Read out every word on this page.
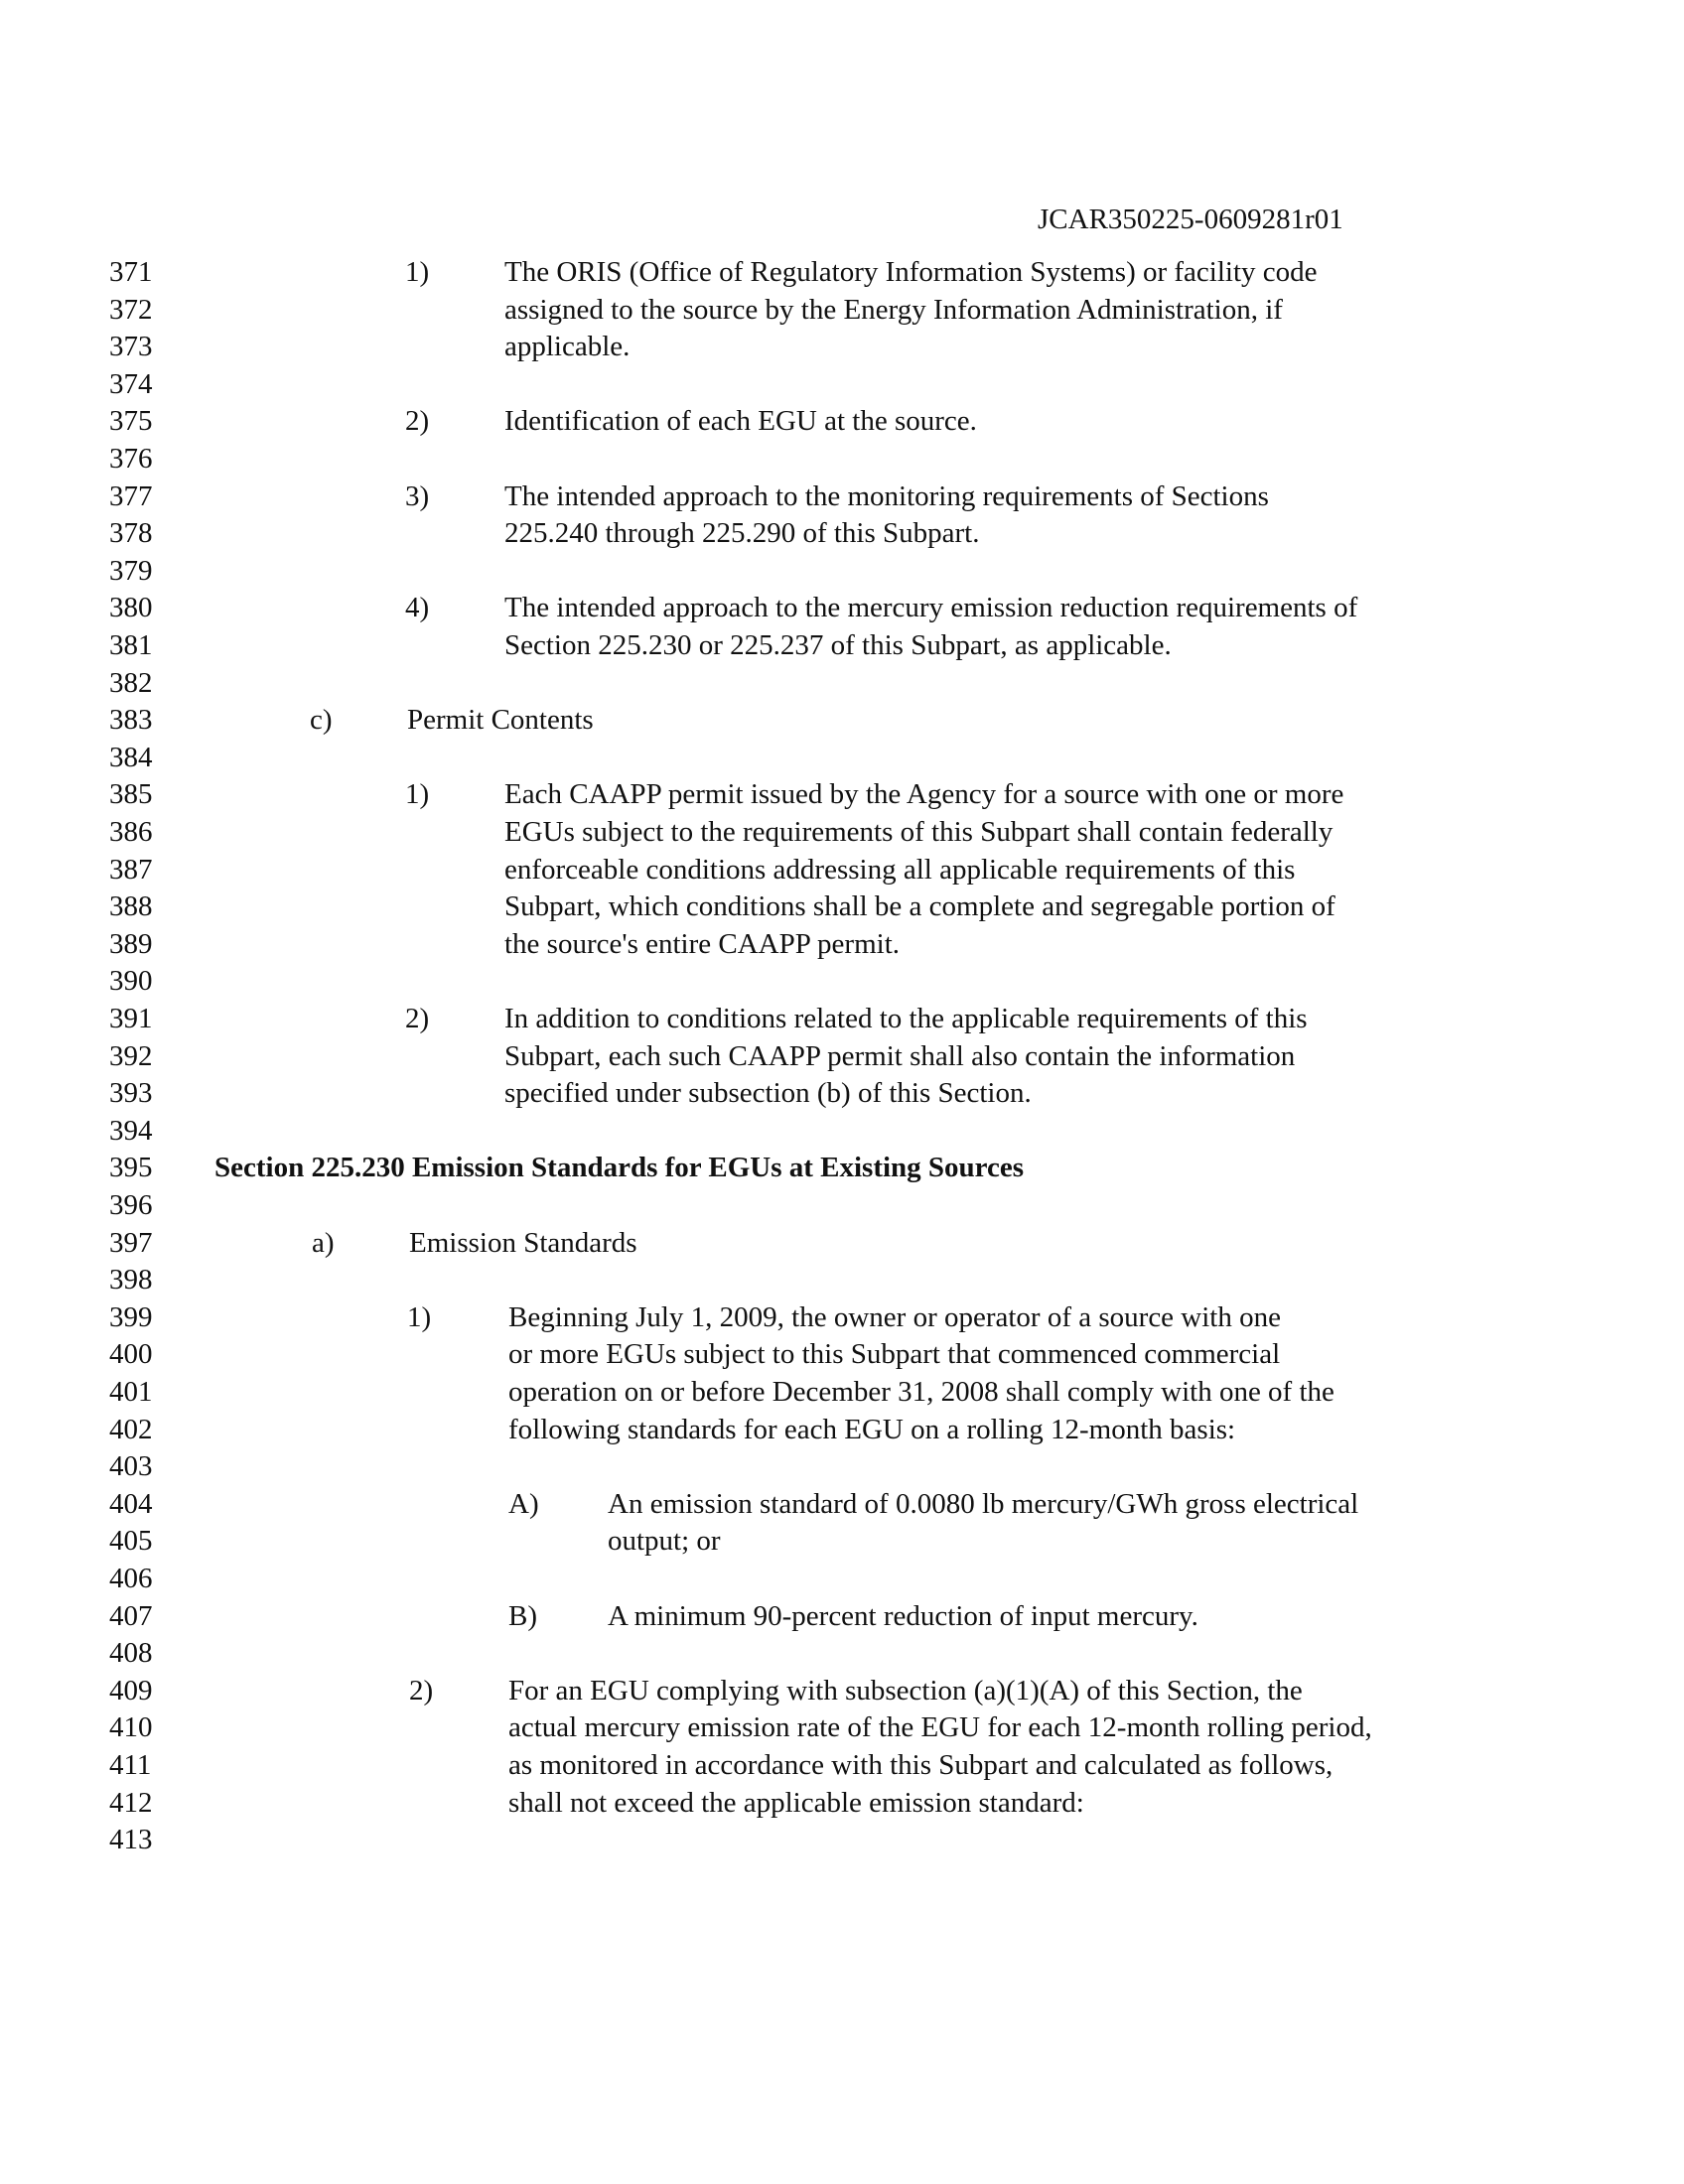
JCAR350225-0609281r01
371
372
373
374
375
376
377
378
379
380
381
382
383
384
385
386
387
388
389
390
391
392
393
394
395
396
397
398
399
400
401
402
403
404
405
406
407
408
409
410
411
412
413
1)	The ORIS (Office of Regulatory Information Systems) or facility code
assigned to the source by the Energy Information Administration, if
applicable.
2)	Identification of each EGU at the source.
3)	The intended approach to the monitoring requirements of Sections
225.240 through 225.290 of this Subpart.
4)	The intended approach to the mercury emission reduction requirements of
Section 225.230 or 225.237 of this Subpart, as applicable.
c)	Permit Contents
1)	Each CAAPP permit issued by the Agency for a source with one or more
EGUs subject to the requirements of this Subpart shall contain federally
enforceable conditions addressing all applicable requirements of this
Subpart, which conditions shall be a complete and segregable portion of
the source's entire CAAPP permit.
2)	In addition to conditions related to the applicable requirements of this
Subpart, each such CAAPP permit shall also contain the information
specified under subsection (b) of this Section.
Section 225.230 Emission Standards for EGUs at Existing Sources
a)	Emission Standards
1)	Beginning July 1, 2009, the owner or operator of a source with one
or more EGUs subject to this Subpart that commenced commercial
operation on or before December 31, 2008 shall comply with one of the
following standards for each EGU on a rolling 12-month basis:
A) An emission standard of 0.0080 lb mercury/GWh gross electrical
output; or
B) A minimum 90-percent reduction of input mercury.
2)	For an EGU complying with subsection (a)(1)(A) of this Section, the
actual mercury emission rate of the EGU for each 12-month rolling period,
as monitored in accordance with this Subpart and calculated as follows,
shall not exceed the applicable emission standard:
